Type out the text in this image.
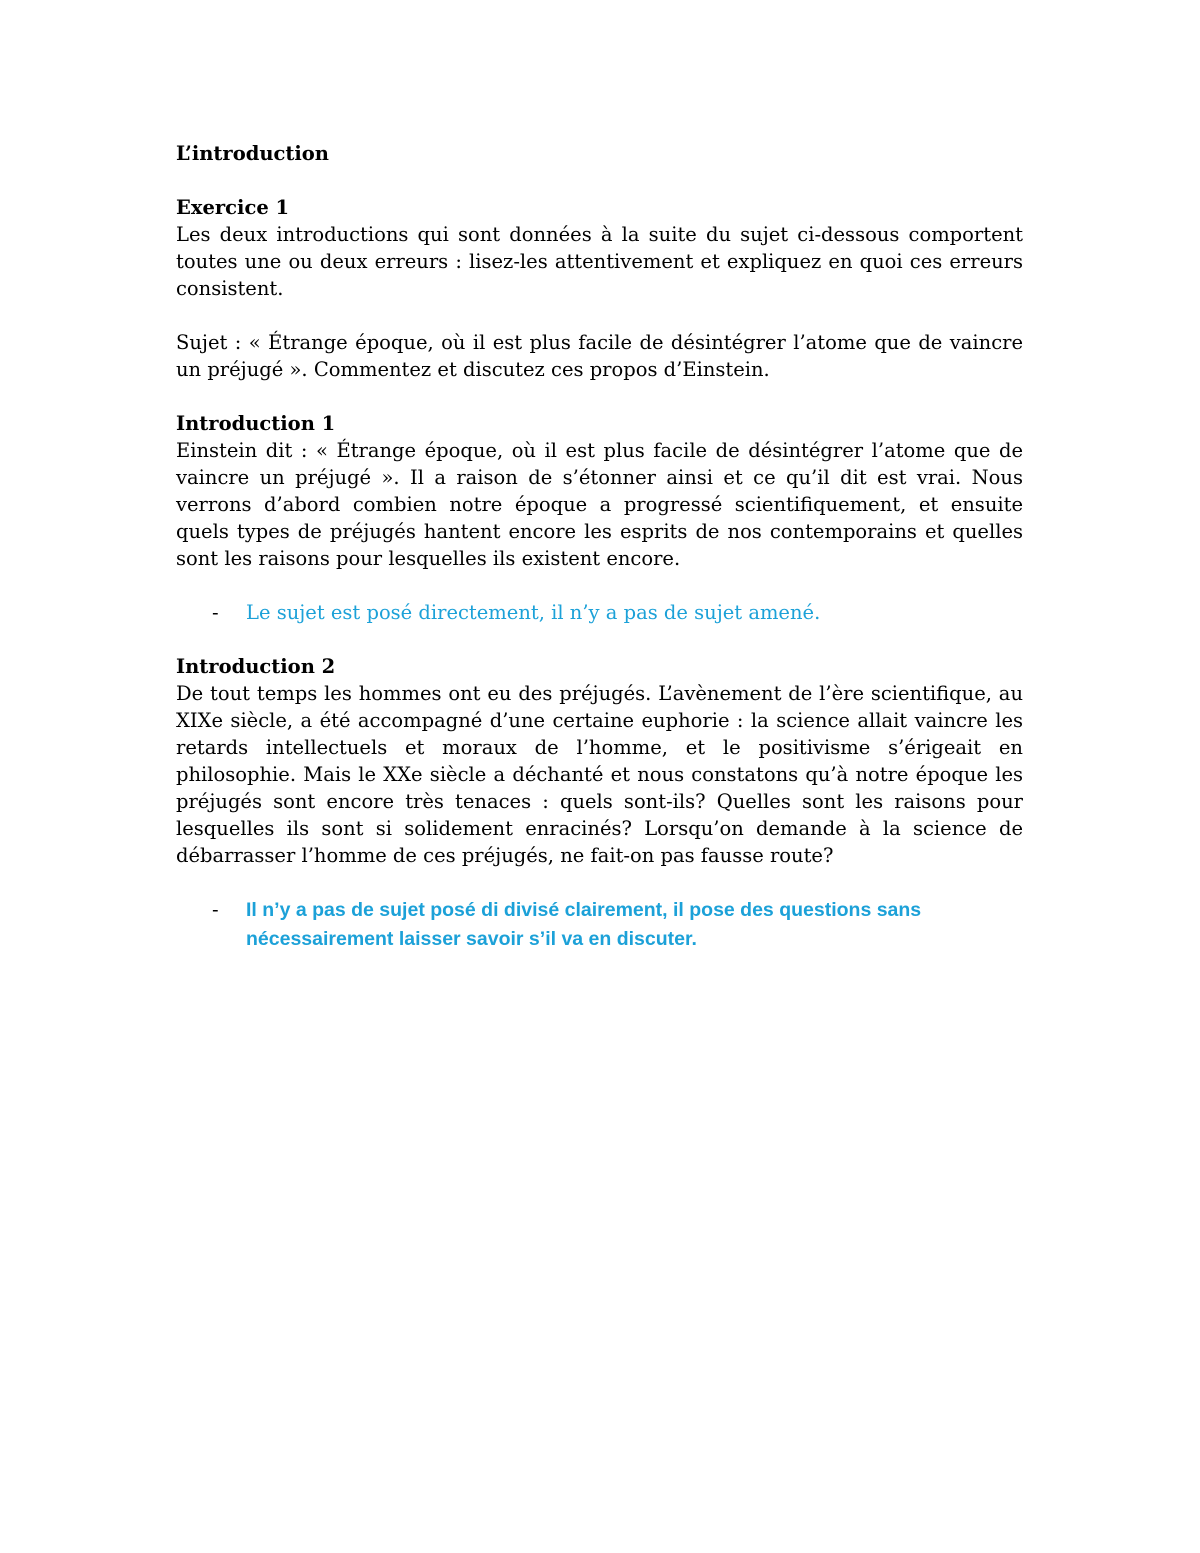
L’introduction

Exercice 1

Les deux introductions qui sont données à la suite du sujet ci-dessous comportent toutes une ou deux erreurs : lisez-les attentivement et expliquez en quoi ces erreurs consistent.

Sujet : « Étrange époque, où il est plus facile de désintégrer l’atome que de vaincre un préjugé ». Commentez et discutez ces propos d’Einstein.

Introduction 1

Einstein dit : « Étrange époque, où il est plus facile de désintégrer l’atome que de vaincre un préjugé ». Il a raison de s’étonner ainsi et ce qu’il dit est vrai. Nous verrons d’abord combien notre époque a progressé scientifiquement, et ensuite quels types de préjugés hantent encore les esprits de nos contemporains et quelles sont les raisons pour lesquelles ils existent encore.

-	Le sujet est posé directement, il n’y a pas de sujet amené.

Introduction 2

De tout temps les hommes ont eu des préjugés. L’avènement de l’ère scientifique, au XIXe siècle, a été accompagné d’une certaine euphorie : la science allait vaincre les retards intellectuels et moraux de l’homme, et le positivisme s’érigeait en philosophie. Mais le XXe siècle a déchanté et nous constatons qu’à notre époque les préjugés sont encore très tenaces : quels sont-ils? Quelles sont les raisons pour lesquelles ils sont si solidement enracinés? Lorsqu’on demande à la science de débarrasser l’homme de ces préjugés, ne fait-on pas fausse route?

-	Il n’y a pas de sujet posé di divisé clairement, il pose des questions sans nécessairement laisser savoir s’il va en discuter.
